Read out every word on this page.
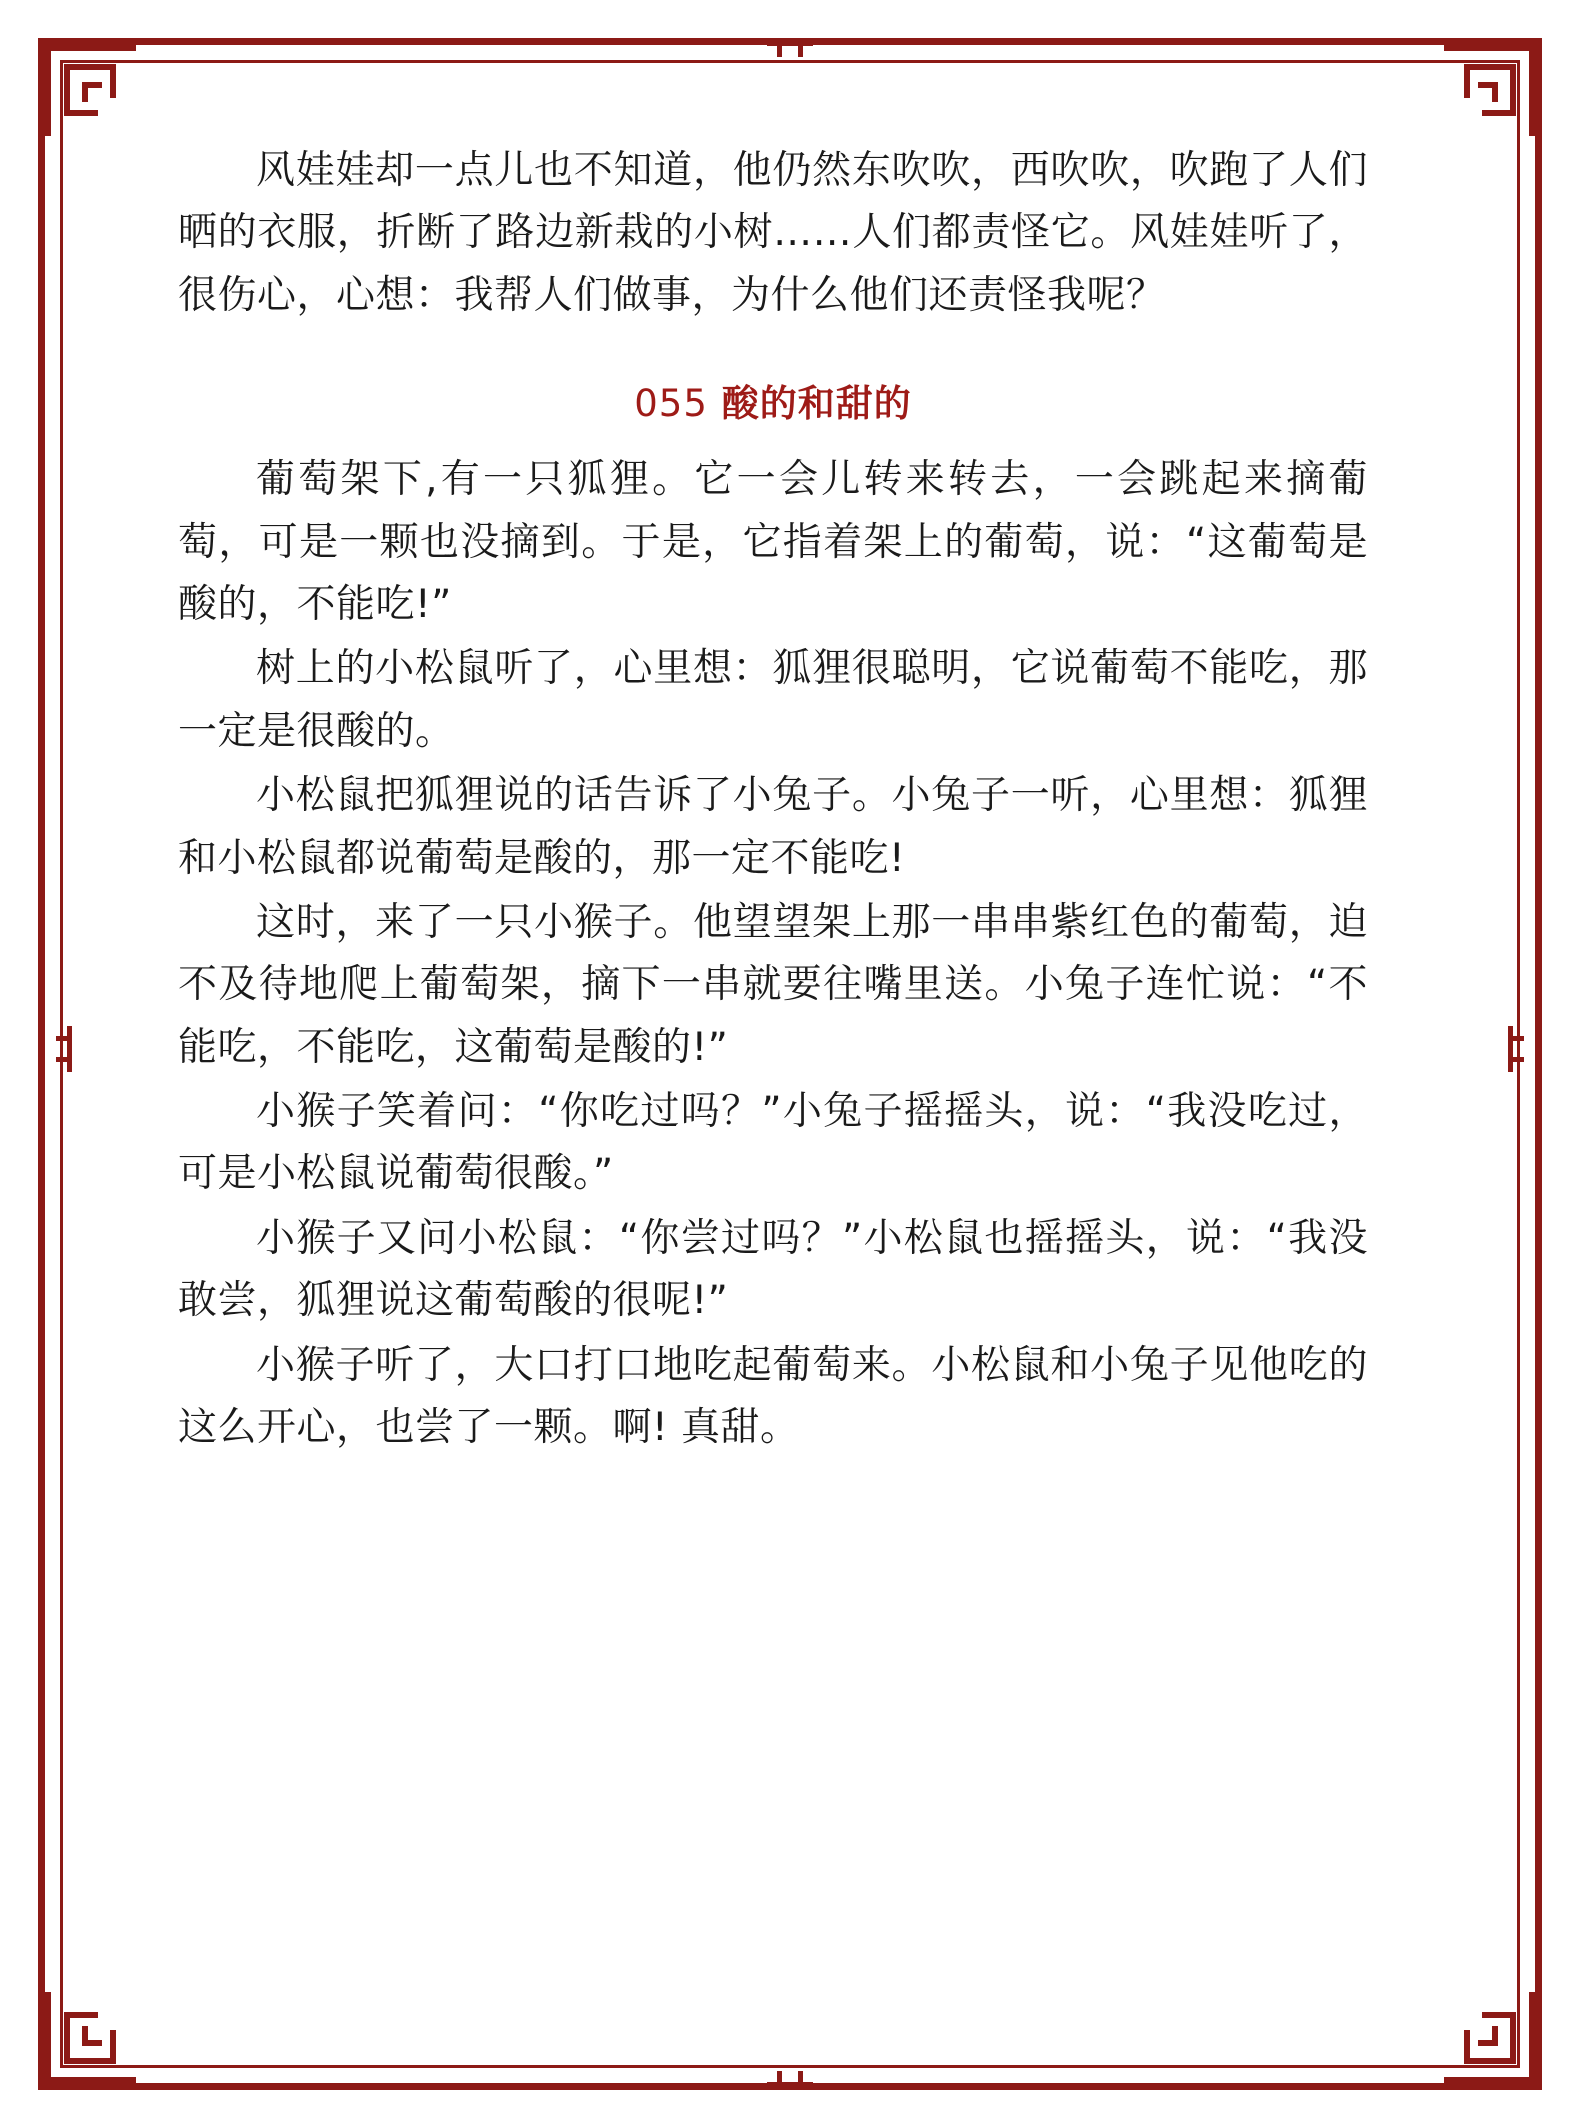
风娃娃却一点儿也不知道，他仍然东吹吹，西吹吹，吹跑了人们晒的衣服，折断了路边新栽的小树……人们都责怪它。风娃娃听了，很伤心，心想：我帮人们做事，为什么他们还责怪我呢？

055 酸的和甜的

葡萄架下,有一只狐狸。它一会儿转来转去，一会跳起来摘葡萄，可是一颗也没摘到。于是，它指着架上的葡萄，说：“这葡萄是酸的，不能吃!”

树上的小松鼠听了，心里想：狐狸很聪明，它说葡萄不能吃，那一定是很酸的。

小松鼠把狐狸说的话告诉了小兔子。小兔子一听，心里想：狐狸和小松鼠都说葡萄是酸的，那一定不能吃!

这时，来了一只小猴子。他望望架上那一串串紫红色的葡萄，迫不及待地爬上葡萄架，摘下一串就要往嘴里送。小兔子连忙说：“不能吃，不能吃，这葡萄是酸的!”

小猴子笑着问：“你吃过吗？”小兔子摇摇头，说：“我没吃过，可是小松鼠说葡萄很酸。”

小猴子又问小松鼠：“你尝过吗？”小松鼠也摇摇头，说：“我没敢尝，狐狸说这葡萄酸的很呢!”

小猴子听了，大口打口地吃起葡萄来。小松鼠和小兔子见他吃的这么开心，也尝了一颗。啊! 真甜。
